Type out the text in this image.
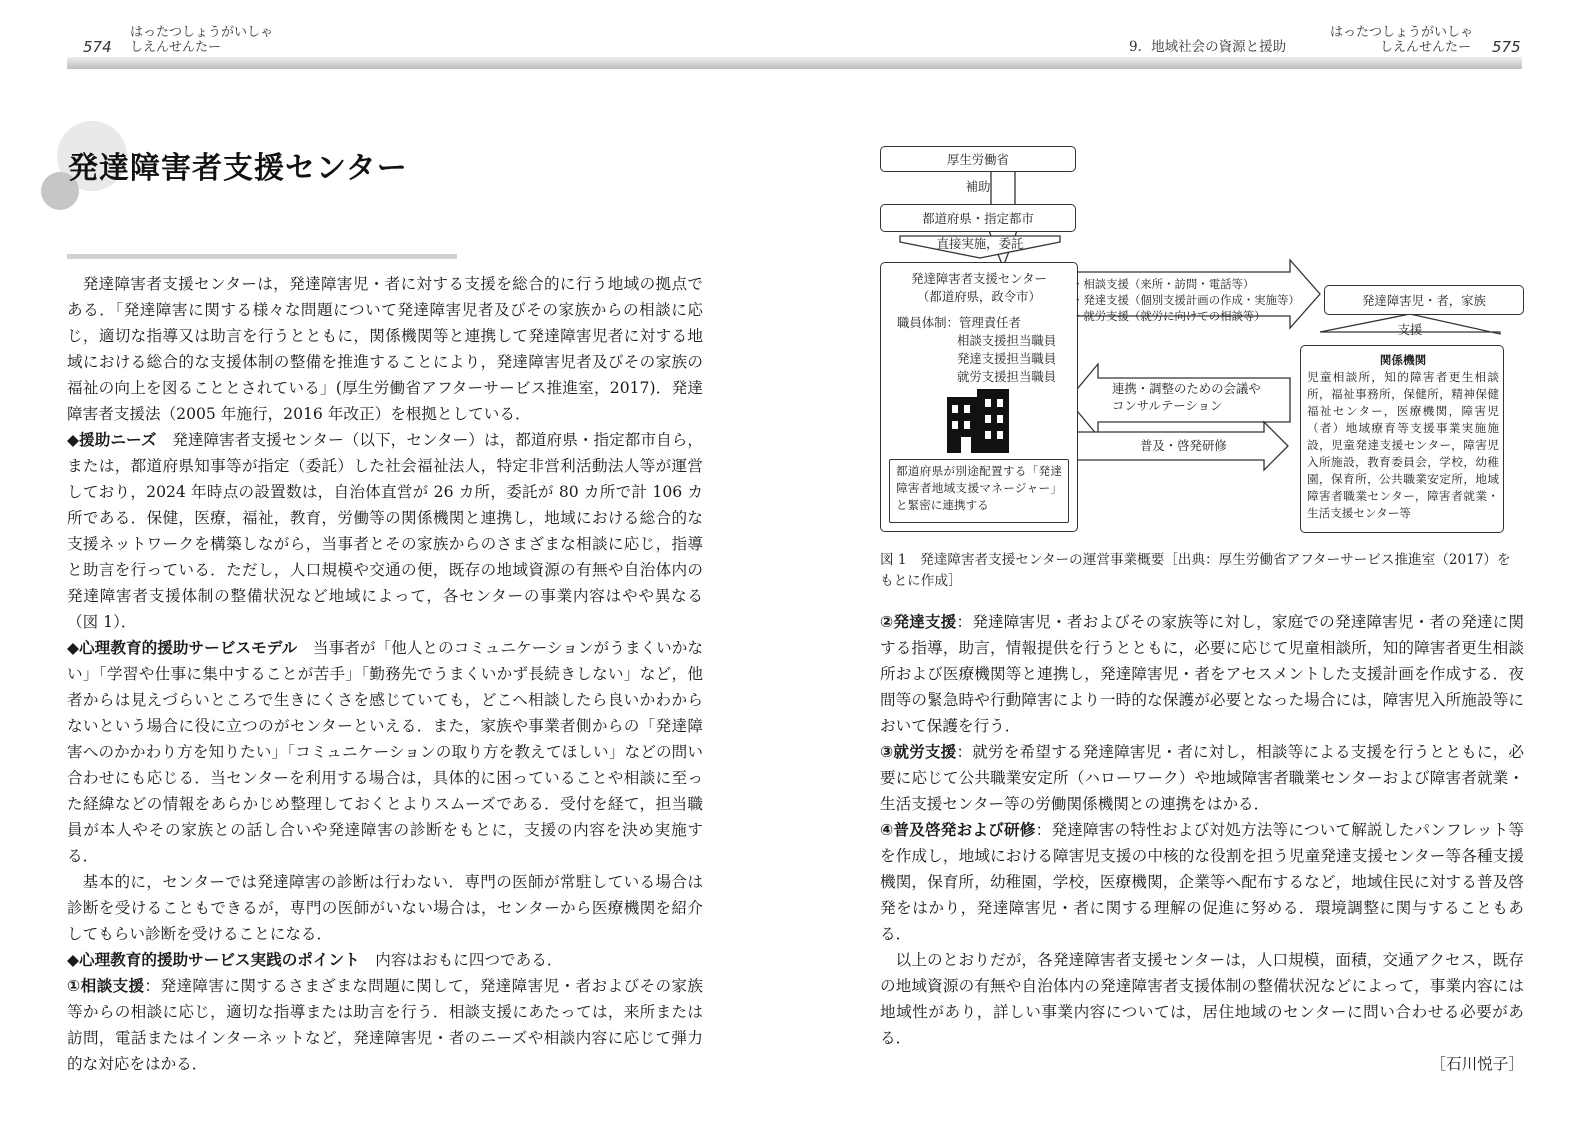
574
はったつしょうがいしゃ
しえんせんたー	9．地域社会の資源と援助
はったつしょうがいしゃ
しえんせんたー 575
発達障害者支援センター

発達障害者支援センターは，発達障害児・者に対する支援を総合的に行う地域の拠点である．「発達障害に関する様々な問題について発達障害児者及びその家族からの相談に応じ，適切な指導又は助言を行うとともに，関係機関等と連携して発達障害児者に対する地域における総合的な支援体制の整備を推進することにより，発達障害児者及びその家族の福祉の向上を図ることとされている」(厚生労働省アフターサービス推進室，2017)．発達障害者支援法（2005 年施行，2016 年改正）を根拠としている．

◆援助ニーズ　 発達障害者支援センター（以下，センター）は，都道府県・指定都市自ら，または，都道府県知事等が指定（委託）した社会福祉法人，特定非営利活動法人等が運営しており，2024 年時点の設置数は，自治体直営が 26 カ所，委託が 80 カ所で計 106 カ所である．保健，医療，福祉，教育，労働等の関係機関と連携し，地域における総合的な支援ネットワークを構築しながら，当事者とその家族からのさまざまな相談に応じ，指導と助言を行っている．ただし，人口規模や交通の便，既存の地域資源の有無や自治体内の発達障害者支援体制の整備状況など地域によって，各センターの事業内容はやや異なる（図 1）．

◆心理教育的援助サービスモデル　 当事者が「他人とのコミュニケーションがうまくいかない」「学習や仕事に集中することが苦手」「勤務先でうまくいかず長続きしない」など，他者からは見えづらいところで生きにくさを感じていても，どこへ相談したら良いかわからないという場合に役に立つのがセンターといえる．また，家族や事業者側からの「発達障害へのかかわり方を知りたい」「コミュニケーションの取り方を教えてほしい」などの問い合わせにも応じる．当センターを利用する場合は，具体的に困っていることや相談に至った経緯などの情報をあらかじめ整理しておくとよりスムーズである．受付を経て，担当職員が本人やその家族との話し合いや発達障害の診断をもとに，支援の内容を決め実施する．

基本的に，センターでは発達障害の診断は行わない．専門の医師が常駐している場合は診断を受けることもできるが，専門の医師がいない場合は，センターから医療機関を紹介してもらい診断を受けることになる．

◆心理教育的援助サービス実践のポイント　 内容はおもに四つである．

①相談支援：発達障害に関するさまざまな問題に関して，発達障害児・者およびその家族等からの相談に応じ，適切な指導または助言を行う．相談支援にあたっては，来所または訪問，電話またはインターネットなど，発達障害児・者のニーズや相談内容に応じて弾力的な対応をはかる．

厚生労働省
補助
都道府県・指定都市
直接実施，委託
発達障害者支援センター
（都道府県，政令市）
職員体制：管理責任者
相談支援担当職員
発達支援担当職員
就労支援担当職員
都道府県が別途配置する「発達障害者地域支援マネージャー」と緊密に連携する
・相談支援（来所・訪問・電話等）
・発達支援（個別支援計画の作成・実施等）
・就労支援（就労に向けての相談等）
発達障害児・者，家族
支援
連携・調整のための会議や
コンサルテーション
普及・啓発研修
関係機関
児童相談所，知的障害者更生相談所，福祉事務所，保健所，精神保健福祉センター，医療機関，障害児（者）地域療育等支援事業実施施設，児童発達支援センター，障害児入所施設，教育委員会，学校，幼稚園，保育所，公共職業安定所，地域障害者職業センター，障害者就業・生活支援センター等
図 1　発達障害者支援センターの運営事業概要［出典：厚生労働省アフターサービス推進室（2017）をもとに作成］

②発達支援：発達障害児・者およびその家族等に対し，家庭での発達障害児・者の発達に関する指導，助言，情報提供を行うとともに，必要に応じて児童相談所，知的障害者更生相談所および医療機関等と連携し，発達障害児・者をアセスメントした支援計画を作成する．夜間等の緊急時や行動障害により一時的な保護が必要となった場合には，障害児入所施設等において保護を行う．

③就労支援：就労を希望する発達障害児・者に対し，相談等による支援を行うとともに，必要に応じて公共職業安定所（ハローワーク）や地域障害者職業センターおよび障害者就業・生活支援センター等の労働関係機関との連携をはかる．

④普及啓発および研修：発達障害の特性および対処方法等について解説したパンフレット等を作成し，地域における障害児支援の中核的な役割を担う児童発達支援センター等各種支援機関，保育所，幼稚園，学校，医療機関，企業等へ配布するなど，地域住民に対する普及啓発をはかり，発達障害児・者に関する理解の促進に努める．環境調整に関与することもある．

以上のとおりだが，各発達障害者支援センターは，人口規模，面積，交通アクセス，既存の地域資源の有無や自治体内の発達障害者支援体制の整備状況などによって，事業内容には地域性があり，詳しい事業内容については，居住地域のセンターに問い合わせる必要がある．

［石川悦子］
